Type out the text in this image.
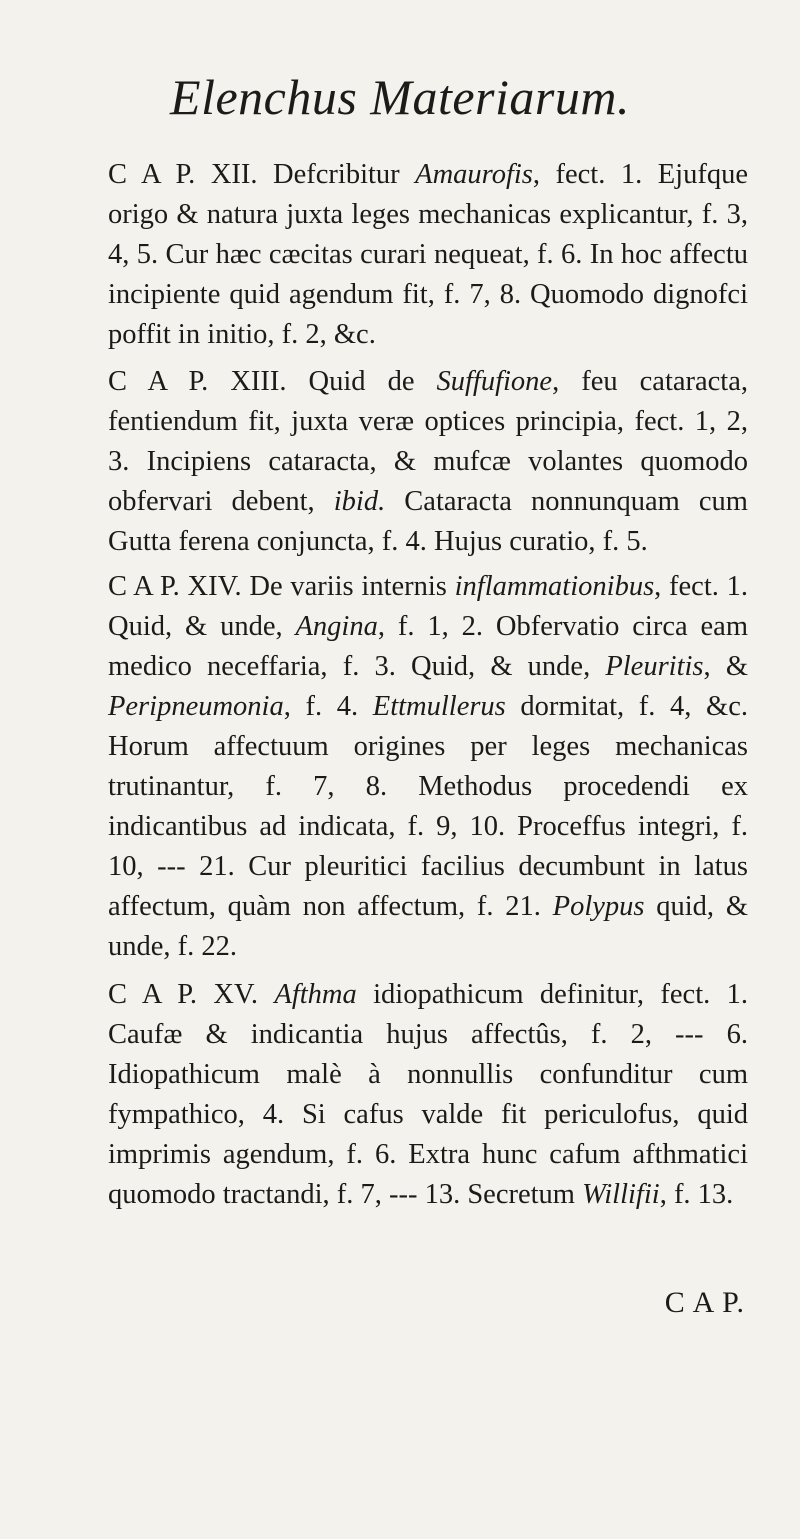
Elenchus Materiarum.

C A P. XII. Defcribitur Amaurofis, fect. 1. Ejufque origo & natura juxta leges mechanicas explicantur, f. 3, 4, 5. Cur hæc cæcitas curari nequeat, f. 6. In hoc affectu incipiente quid agendum fit, f. 7, 8. Quomodo dignofci poffit in initio, f. 2, &c.

C A P. XIII. Quid de Suffufione, feu cataracta, fentiendum fit, juxta veræ optices principia, fect. 1, 2, 3. Incipiens cataracta, & mufcæ volantes quomodo obfervari debent, ibid. Cataracta nonnunquam cum Gutta ferena conjuncta, f. 4. Hujus curatio, f. 5.

C A P. XIV. De variis internis inflammationibus, fect. 1. Quid, & unde, Angina, f. 1, 2. Obfervatio circa eam medico neceffaria, f. 3. Quid, & unde, Pleuritis, & Peripneumonia, f. 4. Ettmullerus dormitat, f. 4, &c. Horum affectuum origines per leges mechanicas trutinantur, f. 7, 8. Methodus procedendi ex indicantibus ad indicata, f. 9, 10. Proceffus integri, f. 10, --- 21. Cur pleuritici facilius decumbunt in latus affectum, quàm non affectum, f. 21. Polypus quid, & unde, f. 22.

C A P. XV. Afthma idiopathicum definitur, fect. 1. Caufæ & indicantia hujus affectûs, f. 2, --- 6. Idiopathicum malè à nonnullis confunditur cum fympathico, 4. Si cafus valde fit periculofus, quid imprimis agendum, f. 6. Extra hunc cafum afthmatici quomodo tractandi, f. 7, --- 13. Secretum Willifii, f. 13.

C A P.
